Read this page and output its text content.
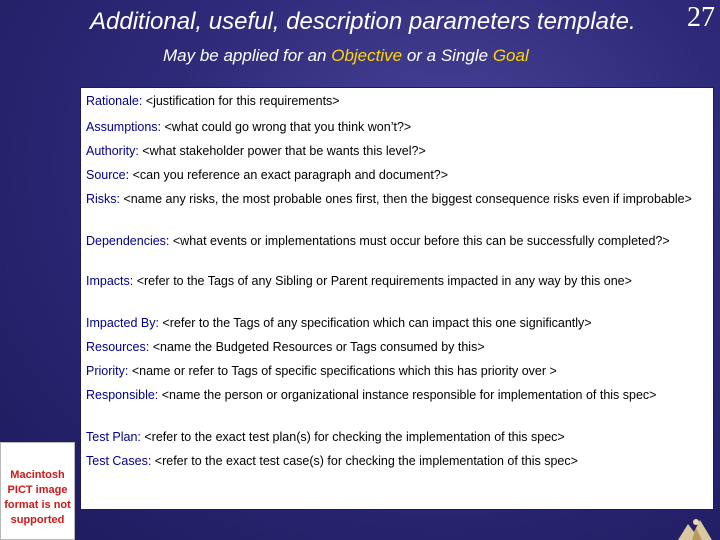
Additional, useful, description parameters template. 27
May be applied for an Objective or a Single Goal
Rationale: <justification for this requirements>
Assumptions: <what could go wrong that you think won’t?>
Authority: <what stakeholder power that be wants this level?>
Source: <can you reference an exact paragraph and document?>
Risks: <name any risks, the most probable ones first, then the biggest consequence risks even if improbable>
Dependencies: <what events or implementations must occur before this can be successfully completed?>
Impacts: <refer to the Tags of any Sibling or Parent requirements impacted in any way by this one>
Impacted By: <refer to the Tags of any specification which can impact this one significantly>
Resources: <name the Budgeted Resources or Tags consumed by this>
Priority: <name or refer to Tags of specific specifications which this has priority over >
Responsible: <name the person or organizational instance responsible for implementation of this spec>
Test Plan: <refer to the exact test plan(s) for checking the implementation of this spec>
Test Cases: <refer to the exact test case(s) for checking the implementation of this spec>
Macintosh PICT image format is not supported
